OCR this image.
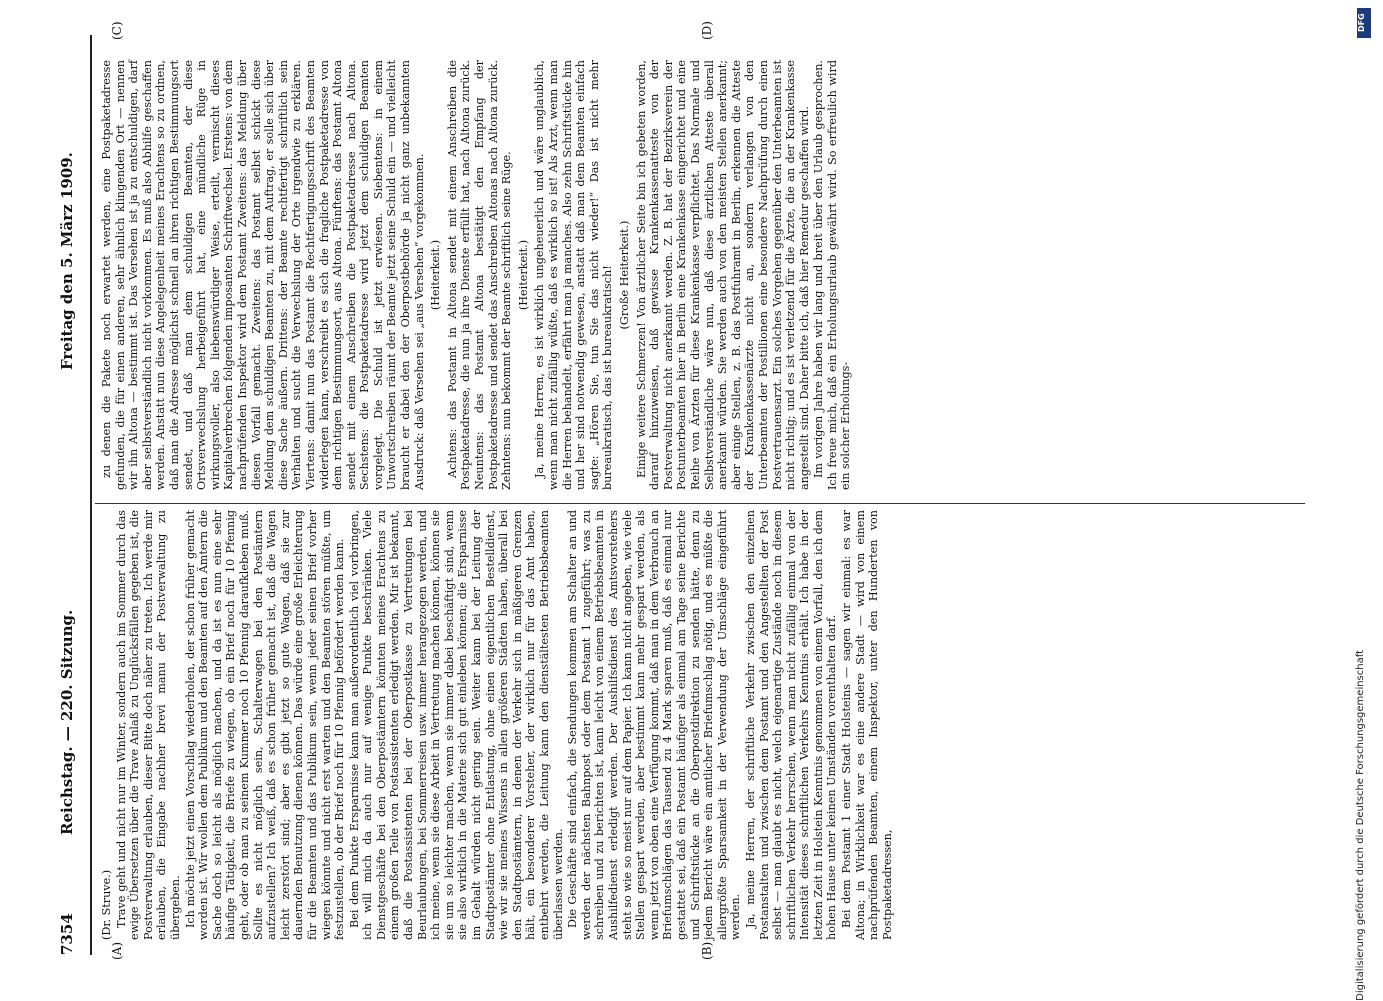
7354
Reichstag. — 220. Sitzung.
Freitag den 5. März 1909.
(A)	(B)
(C)	(D)

(Dr. Struve.) Trave geht und nicht nur im Winter, sondern auch im Sommer durch das ewige Übersetzen über die Trave Anlaß zu Unglücksfällen gegeben ist, die Postverwaltung erlauben, dieser Bitte doch näher zu treten. Ich werde mir erlauben, die Eingabe nachher brevi manu der Postverwaltung zu übergeben. Ich möchte jetzt einen Vorschlag wiederholen, der schon früher gemacht worden ist. Wir wollen dem Publikum und den Beamten auf den Ämtern die Sache doch so leicht als möglich machen, und da ist es nun eine sehr häufige Tätigkeit, die Briefe zu wiegen, ob ein Brief noch für 10 Pfennig geht, oder ob man zu seinem Kummer noch 10 Pfennig daraufkleben muß. Sollte es nicht möglich sein, Schalterwagen bei den Postämtern aufzustellen? Ich weiß, daß es schon früher gemacht ist, daß die Wagen leicht zerstört sind; aber es gibt jetzt so gute Wagen, daß sie zur dauernden Benutzung dienen können. Das würde eine große Erleichterung für die Beamten und das Publikum sein, wenn jeder seinen Brief vorher wiegen könnte und nicht erst warten und den Beamten stören müßte, um festzustellen, ob der Brief noch für 10 Pfennig befördert werden kann. Bei dem Punkte Ersparnisse kann man außerordentlich viel vorbringen, ich will mich da auch nur auf wenige Punkte beschränken. Viele Dienstgeschäfte bei den Oberpostämtern könnten meines Erachtens zu einem großen Teile von Postassistenten erledigt werden. Mir ist bekannt, daß die Postassistenten bei der Oberpostkasse zu Vertretungen bei Beurlaubungen, bei Sommerreisen usw. immer herangezogen werden, und ich meine, wenn sie diese Arbeit in Vertretung machen können, können sie sie um so leichter machen, wenn sie immer dabei beschäftigt sind, wenn sie also wirklich in die Materie sich gut einleben können; die Ersparnisse im Gehalt würden nicht gering sein. Weiter kann bei der Leitung der Stadtpostämter ohne Entlastung, ohne einen eigentlichen Bestelldienst, wie wir sie meines Wissens in allen größeren Städten haben, überall bei den Stadtpostämtern, in denen der Verkehr sich in mäßigeren Grenzen hält, ein besonderer Vorsteher, der wirklich nur für das Amt haben, entbehrt werden, die Leitung kann den dienstältesten Betriebsbeamten überlassen werden. Die Geschäfte sind einfach, die Sendungen kommen am Schalter an und werden der nächsten Bahnpost oder dem Postamt 1 zugeführt; was zu schreiben und zu berichten ist, kann leicht von einem Betriebsbeamten in Aushilfedienst erledigt werden. Der Aushilfsdienst des Amtsvorstehers steht so wie so meist nur auf dem Papier. Ich kann nicht angeben, wie viele Stellen gespart werden, aber bestimmt kann mehr gespart werden, als wenn jetzt von oben eine Verfügung kommt, daß man in dem Verbrauch an Briefumschlägen das Tausend zu 4 Mark sparen muß, daß es einmal nur gestattet sei, daß ein Postamt häufiger als einmal am Tage seine Berichte und Schriftstücke an die Oberpostdirektion zu senden hätte, denn zu jedem Bericht wäre ein amtlicher Briefumschlag nötig, und es müßte die allergrößte Sparsamkeit in der Verwendung der Umschläge eingeführt werden. Ja, meine Herren, der schriftliche Verkehr zwischen den einzelnen Postanstalten und zwischen dem Postamt und den Angestellten der Post selbst — man glaubt es nicht, welch eigenartige Zustände noch in diesem schriftlichen Verkehr herrschen, wenn man nicht zufällig einmal von der Intensität dieses schriftlichen Verkehrs Kenntnis erhält. Ich habe in der letzten Zeit in Holstein Kenntnis genommen von einem Vorfall, den ich dem hohen Hause unter keinen Umständen vorenthalten darf. Bei dem Postamt 1 einer Stadt Holsteins — sagen wir einmal: es war Altona; in Wirklichkeit war es eine andere Stadt — wird von einem nachprüfenden Beamten, einem Inspektor, unter den Hunderten von Postpaketadressen,

zu denen die Pakete noch erwartet werden, eine Postpaketadresse gefunden, die für einen anderen, sehr ähnlich klingenden Ort — nennen wir ihn Altona — bestimmt ist. Das Versehen ist ja zu entschuldigen, darf aber selbstverständlich nicht vorkommen. Es muß also Abhilfe geschaffen werden. Anstatt nun diese Angelegenheit meines Erachtens so zu ordnen, daß man die Adresse möglichst schnell an ihren richtigen Bestimmungsort sendet, und daß man dem schuldigen Beamten, der diese Ortsverwechslung herbeigeführt hat, eine mündliche Rüge in wirkungsvoller, also liebenswürdiger Weise, erteilt, vermischt dieses Kapitalverbrechen folgenden imposanten Schriftwechsel. Erstens: von dem nachprüfenden Inspektor wird dem Postamt Zweitens: das Meldung über diesen Vorfall gemacht. Zweitens: das Postamt selbst schickt diese Meldung dem schuldigen Beamten zu, mit dem Auftrag, er solle sich über diese Sache äußern. Drittens: der Beamte rechtfertigt schriftlich sein Verhalten und sucht die Verwechslung der Orte irgendwie zu erklären. Viertens: damit nun das Postamt die Rechtfertigungsschrift des Beamten widerlegen kann, verschreibt es sich die fragliche Postpaketadresse von dem richtigen Bestimmungsort, aus Altona. Fünftens: das Postamt Altona sendet mit einem Anschreiben die Postpaketadresse nach Altona. Sechstens: die Postpaketadresse wird jetzt dem schuldigen Beamten vorgelegt. Die Schuld ist jetzt erwiesen. Siebentens: in einem Unwortschreiben räumt der Beamte jetzt seine Schuld ein — und vielleicht braucht er dabei den der Oberpostbehörde ja nicht ganz unbekannten Ausdruck: daß Versehen sei „aus Versehen“ vorgekommen. (Heiterkeit.) Achtens: das Postamt in Altona sendet mit einem Anschreiben die Postpaketadresse, die nun ja ihre Dienste erfüllt hat, nach Altona zurück. Neuntens: das Postamt Altona bestätigt den Empfang der Postpaketadresse und sendet das Anschreiben Altonas nach Altona zurück. Zehntens: nun bekommt der Beamte schriftlich seine Rüge. (Heiterkeit.) Ja, meine Herren, es ist wirklich ungeheuerlich und wäre unglaublich, wenn man nicht zufällig wüßte, daß es wirklich so ist! Als Arzt, wenn man die Herren behandelt, erfährt man ja manches. Also zehn Schriftstücke hin und her sind notwendig gewesen, anstatt daß man dem Beamten einfach sagte: „Hören Sie, tun Sie das nicht wieder!“ Das ist nicht mehr bureaukratisch, das ist bureaukratisch! (Große Heiterkeit.) Einige weitere Schmerzen! Von ärztlicher Seite bin ich gebeten worden, darauf hinzuweisen, daß gewisse Krankenkassenatteste von der Postverwaltung nicht anerkannt werden. Z. B. hat der Bezirksverein der Postunterbeamten hier in Berlin eine Krankenkasse eingerichtet und eine Reihe von Ärzten für diese Krankenkasse verpflichtet. Das Normale und Selbstverständliche wäre nun, daß diese ärztlichen Atteste überall anerkannt würden. Sie werden auch von den meisten Stellen anerkannt; aber einige Stellen, z. B. das Postfuhramt in Berlin, erkennen die Atteste der Krankenkassenärzte nicht an, sondern verlangen von den Unterbeamten der Postillionen eine besondere Nachprüfung durch einen Postvertrauensarzt. Ein solches Vorgehen gegenüber den Unterbeamten ist nicht richtig; und es ist verletzend für die Ärzte, die an der Krankenkasse angestellt sind. Daher bitte ich, daß hier Remedur geschaffen wird. Im vorigen Jahre haben wir lang und breit über den Urlaub gesprochen. Ich freue mich, daß ein Erholungsurlaub gewährt wird. So erfreulich wird ein solcher Erholungs-

Digitalisierung gefördert durch die Deutsche Forschungsgemeinschaft
DFG
